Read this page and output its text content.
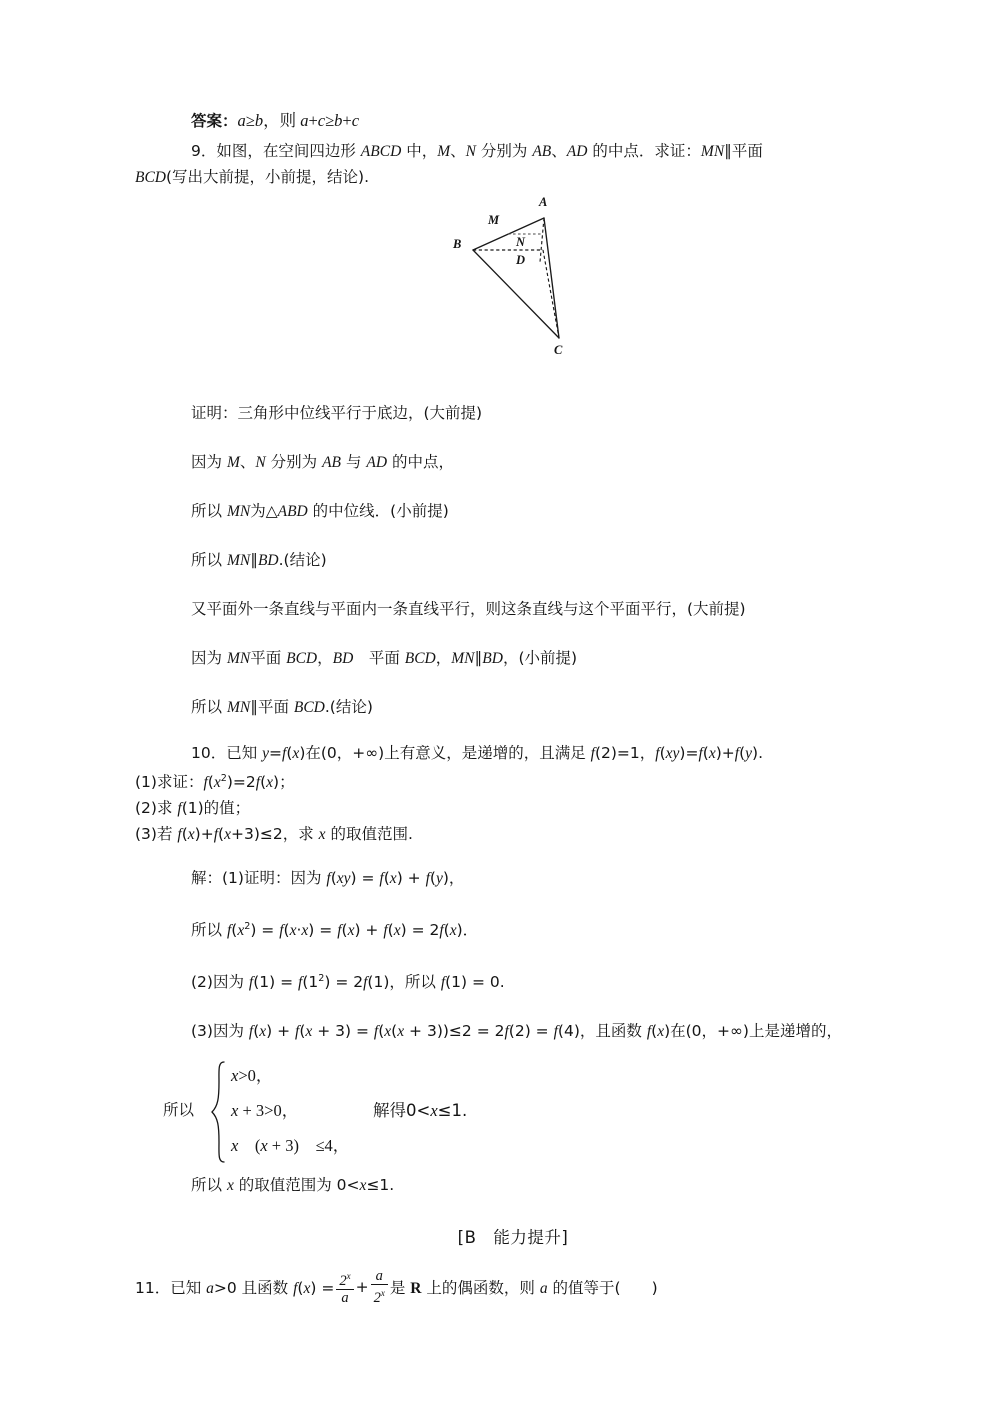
A
B
C
D
M
N
答案：a≥b，则 a+c≥b+c
9．如图，在空间四边形 ABCD 中，M、N 分别为 AB、AD 的中点．求证：MN∥平面
BCD(写出大前提，小前提，结论).
证明：三角形中位线平行于底边，(大前提)
因为 M、N 分别为 AB 与 AD 的中点，
所以 MN为△ABD 的中位线．(小前提)
所以 MN∥BD.(结论)
又平面外一条直线与平面内一条直线平行，则这条直线与这个平面平行，(大前提)
因为 MN平面 BCD，BD　平面 BCD，MN∥BD，(小前提)
所以 MN∥平面 BCD.(结论)
10．已知 y=f(x)在(0，+∞)上有意义，是递增的，且满足 f(2)=1，f(xy)=f(x)+f(y).
(1)求证：$f(x^2)=2f(x)$；
(2)求 f(1)的值；
(3)若 f(x)+f(x+3)≤2，求 x 的取值范围.
解：(1)证明：因为 f(xy) = f(x) + f(y)，
所以 $f(x^2) = f(x\cdot x) = f(x) + f(x) = 2f(x)$．
(2)因为 $f(1) = f(1^2) = 2f(1)$，所以 f(1) = 0.
(3)因为 f(x) + f(x + 3) = f(x(x + 3))≤2 = 2f(2) = f(4)，且函数 f(x)在(0，+∞)上是递增的，
所以
x>0，
x + 3>0，
x　(x + 3)　≤4，
解得0<x≤1.
所以 x 的取值范围为 0<x≤1.
[B　能力提升]
11．已知 a>0 且函数 $f(x) = \frac{2^x}{a} + \frac{a}{2^x}$ 是 R 上的偶函数，则 a 的值等于(　　)
